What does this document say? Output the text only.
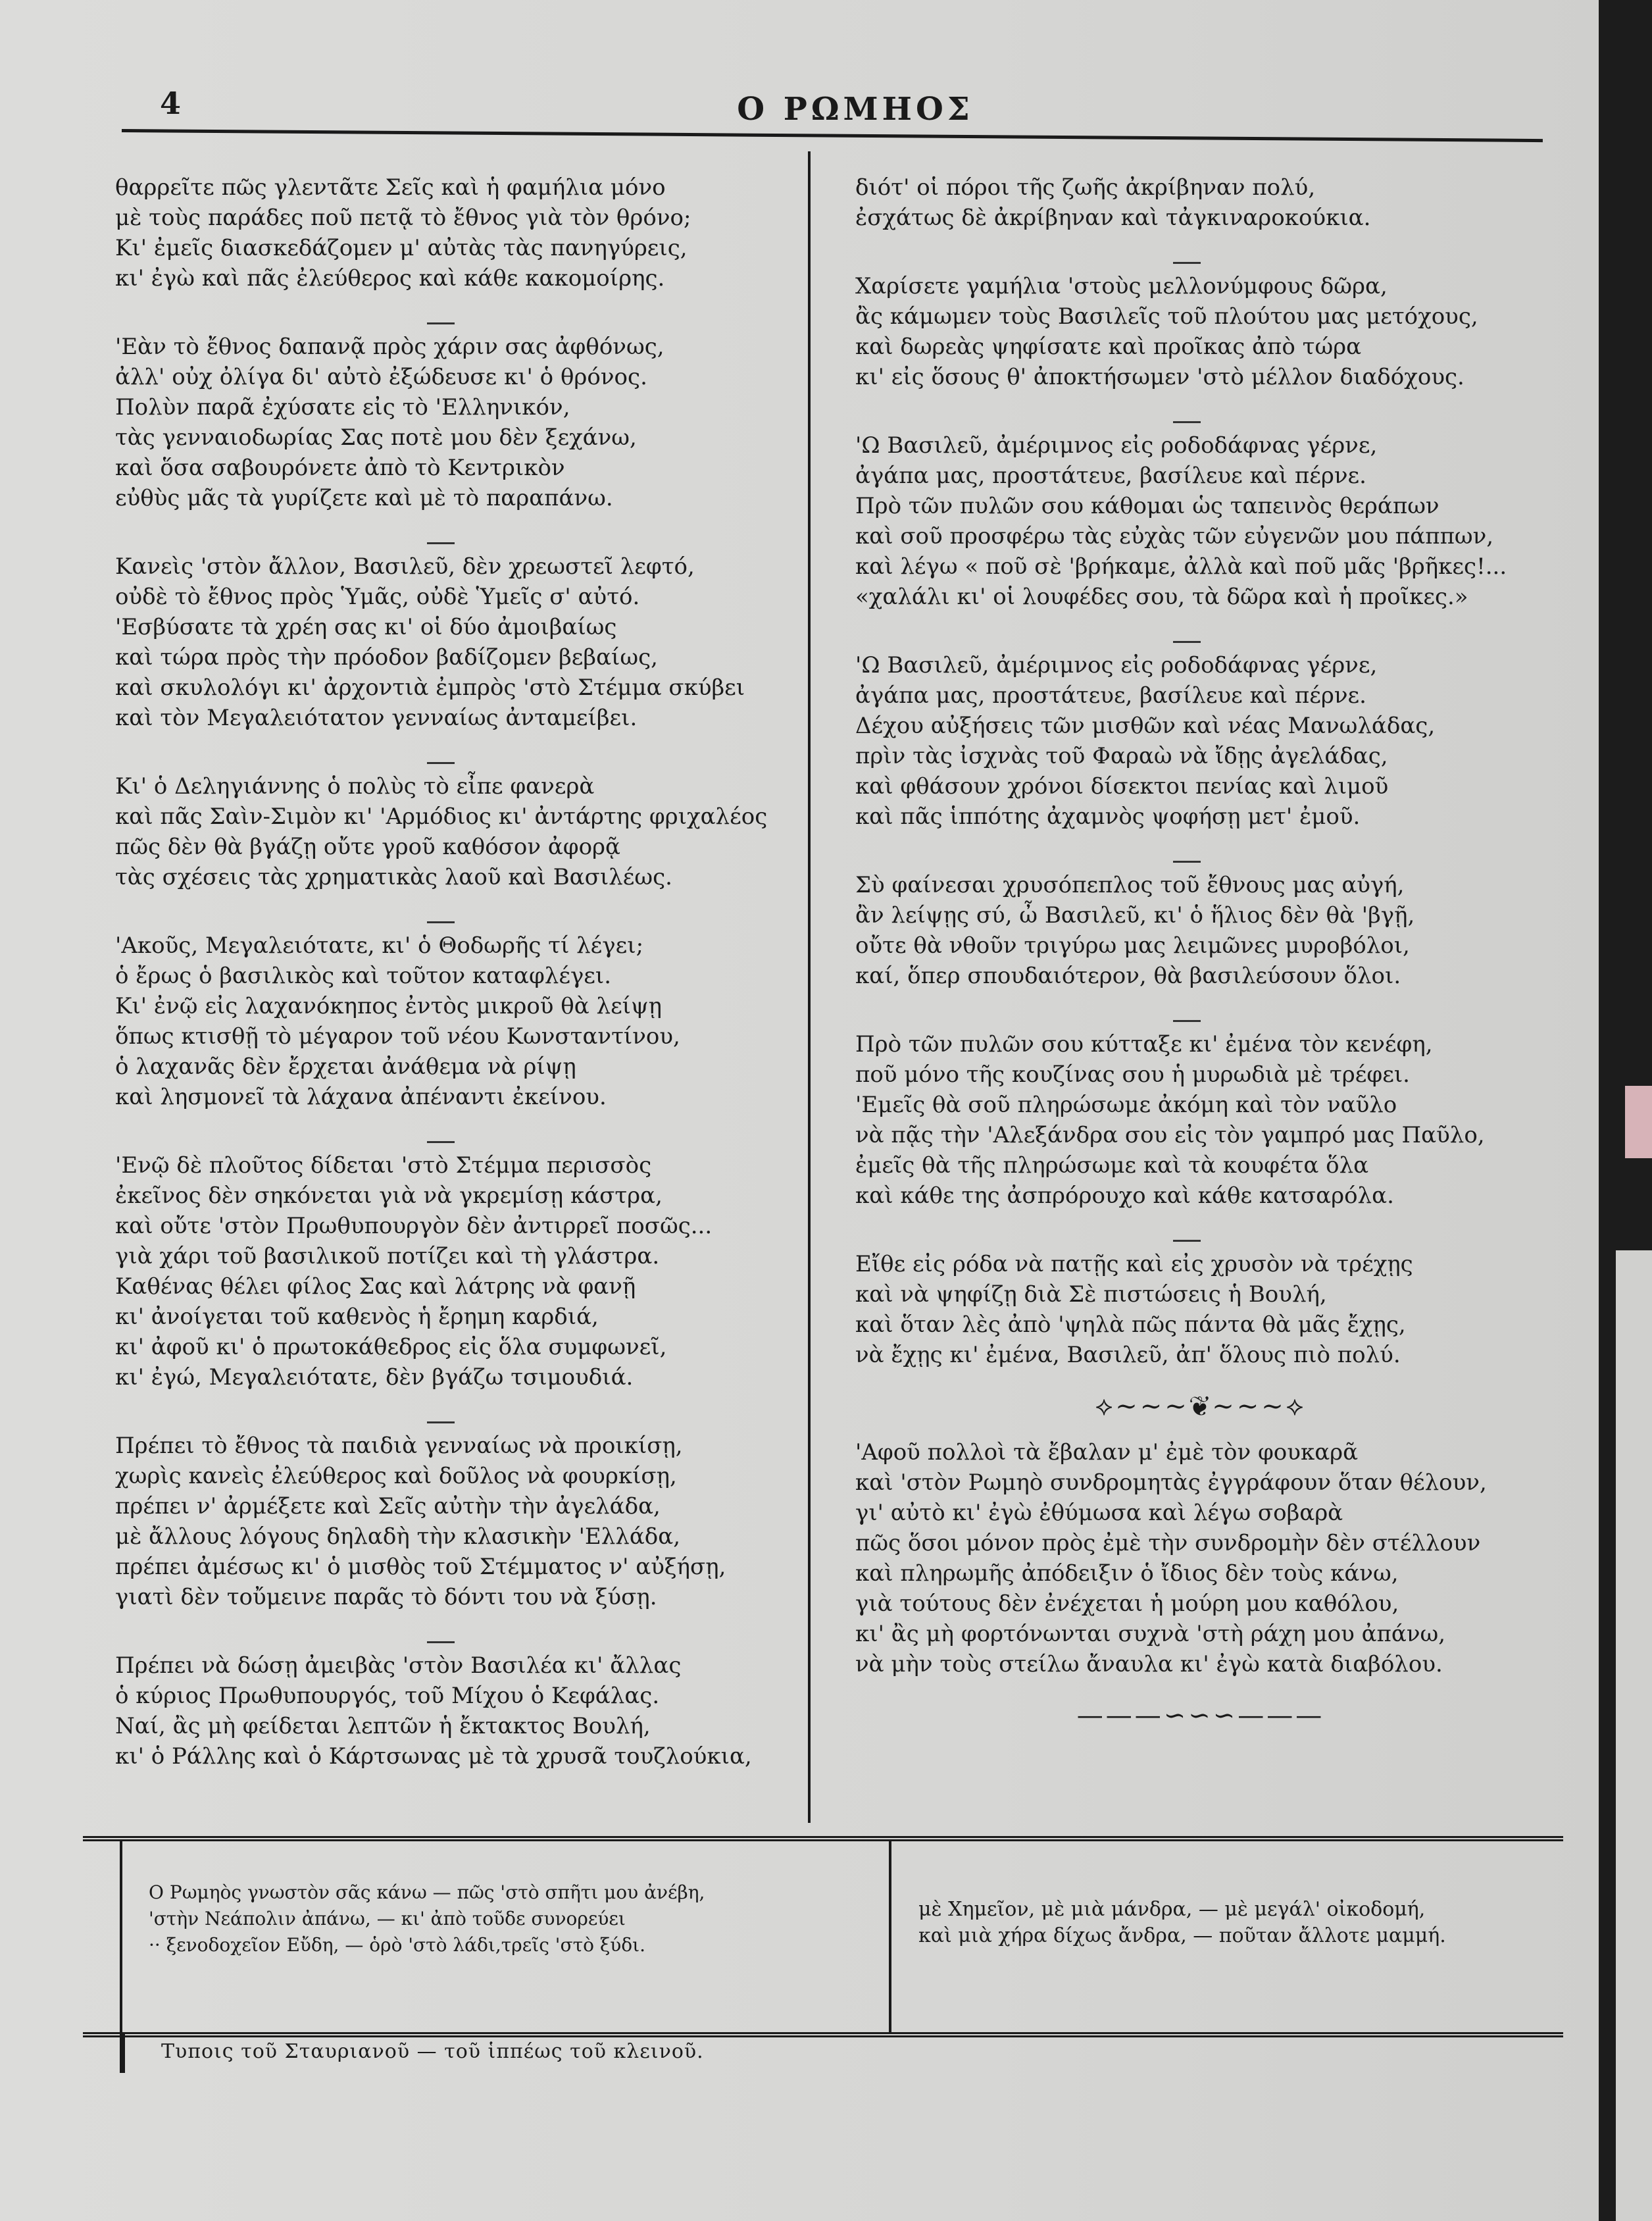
4	Ο ΡΩΜΗΟΣ
θαρρεῖτε πῶς γλεντᾶτε Σεῖς καὶ ἡ φαμήλια μόνο
μὲ τοὺς παράδες ποῦ πετᾷ τὸ ἔθνος γιὰ τὸν θρόνο;
Κι' ἐμεῖς διασκεδάζομεν μ' αὐτὰς τὰς πανηγύρεις,
κι' ἐγὼ καὶ πᾶς ἐλεύθερος καὶ κάθε κακομοίρης.
'Εὰν τὸ ἔθνος δαπανᾷ πρὸς χάριν σας ἀφθόνως,
ἀλλ' οὐχ ὀλίγα δι' αὐτὸ ἐξώδευσε κι' ὁ θρόνος.
Πολὺν παρᾶ ἐχύσατε εἰς τὸ 'Ελληνικόν,
τὰς γενναιοδωρίας Σας ποτὲ μου δὲν ξεχάνω,
καὶ ὅσα σαβουρόνετε ἀπὸ τὸ Κεντρικὸν
εὐθὺς μᾶς τὰ γυρίζετε καὶ μὲ τὸ παραπάνω.
Κανεὶς 'στὸν ἄλλον, Βασιλεῦ, δὲν χρεωστεῖ λεφτό,
οὐδὲ τὸ ἔθνος πρὸς Ὑμᾶς, οὐδὲ Ὑμεῖς σ' αὐτό.
'Εσβύσατε τὰ χρέη σας κι' οἱ δύο ἀμοιβαίως
καὶ τώρα πρὸς τὴν πρόοδον βαδίζομεν βεβαίως,
καὶ σκυλολόγι κι' ἀρχοντιὰ ἐμπρὸς 'στὸ Στέμμα σκύβει
καὶ τὸν Μεγαλειότατον γενναίως ἀνταμείβει.
Κι' ὁ Δεληγιάννης ὁ πολὺς τὸ εἶπε φανερὰ
καὶ πᾶς Σαὶν-Σιμὸν κι' 'Αρμόδιος κι' ἀντάρτης φριχαλέος
πῶς δὲν θὰ βγάζῃ οὔτε γροῦ καθόσον ἀφορᾷ
τὰς σχέσεις τὰς χρηματικὰς λαοῦ καὶ Βασιλέως.
'Ακοῦς, Μεγαλειότατε, κι' ὁ Θοδωρῆς τί λέγει;
ὁ ἔρως ὁ βασιλικὸς καὶ τοῦτον καταφλέγει.
Κι' ἐνῷ εἰς λαχανόκηπος ἐντὸς μικροῦ θὰ λείψῃ
ὅπως κτισθῇ τὸ μέγαρον τοῦ νέου Κωνσταντίνου,
ὁ λαχανᾶς δὲν ἔρχεται ἀνάθεμα νὰ ρίψῃ
καὶ λησμονεῖ τὰ λάχανα ἀπέναντι ἐκείνου.
'Ενῷ δὲ πλοῦτος δίδεται 'στὸ Στέμμα περισσὸς
ἐκεῖνος δὲν σηκόνεται γιὰ νὰ γκρεμίσῃ κάστρα,
καὶ οὔτε 'στὸν Πρωθυπουργὸν δὲν ἀντιρρεῖ ποσῶς...
γιὰ χάρι τοῦ βασιλικοῦ ποτίζει καὶ τὴ γλάστρα.
Καθένας θέλει φίλος Σας καὶ λάτρης νὰ φανῇ
κι' ἀνοίγεται τοῦ καθενὸς ἡ ἔρημη καρδιά,
κι' ἀφοῦ κι' ὁ πρωτοκάθεδρος εἰς ὅλα συμφωνεῖ,
κι' ἐγώ, Μεγαλειότατε, δὲν βγάζω τσιμουδιά.
Πρέπει τὸ ἔθνος τὰ παιδιὰ γενναίως νὰ προικίσῃ,
χωρὶς κανεὶς ἐλεύθερος καὶ δοῦλος νὰ φουρκίσῃ,
πρέπει ν' ἀρμέξετε καὶ Σεῖς αὐτὴν τὴν ἀγελάδα,
μὲ ἄλλους λόγους δηλαδὴ τὴν κλασικὴν 'Ελλάδα,
πρέπει ἀμέσως κι' ὁ μισθὸς τοῦ Στέμματος ν' αὐξήσῃ,
γιατὶ δὲν τοὔμεινε παρᾶς τὸ δόντι του νὰ ξύσῃ.
Πρέπει νὰ δώσῃ ἀμειβὰς 'στὸν Βασιλέα κι' ἄλλας
ὁ κύριος Πρωθυπουργός, τοῦ Μίχου ὁ Κεφάλας.
Ναί, ἂς μὴ φείδεται λεπτῶν ἡ ἔκτακτος Βουλή,
κι' ὁ Ράλλης καὶ ὁ Κάρτσωνας μὲ τὰ χρυσᾶ τουζλούκια,
διότ' οἱ πόροι τῆς ζωῆς ἀκρίβηναν πολύ,
ἐσχάτως δὲ ἀκρίβηναν καὶ τἀγκιναροκούκια.
Χαρίσετε γαμήλια 'στοὺς μελλονύμφους δῶρα,
ἂς κάμωμεν τοὺς Βασιλεῖς τοῦ πλούτου μας μετόχους,
καὶ δωρεὰς ψηφίσατε καὶ προῖκας ἀπὸ τώρα
κι' εἰς ὅσους θ' ἀποκτήσωμεν 'στὸ μέλλον διαδόχους.
'Ω Βασιλεῦ, ἀμέριμνος εἰς ροδοδάφνας γέρνε,
ἀγάπα μας, προστάτευε, βασίλευε καὶ πέρνε.
Πρὸ τῶν πυλῶν σου κάθομαι ὡς ταπεινὸς θεράπων
καὶ σοῦ προσφέρω τὰς εὐχὰς τῶν εὐγενῶν μου πάππων,
καὶ λέγω « ποῦ σὲ 'βρήκαμε, ἀλλὰ καὶ ποῦ μᾶς 'βρῆκες!...
«χαλάλι κι' οἱ λουφέδες σου, τὰ δῶρα καὶ ἡ προῖκες.»
'Ω Βασιλεῦ, ἀμέριμνος εἰς ροδοδάφνας γέρνε,
ἀγάπα μας, προστάτευε, βασίλευε καὶ πέρνε.
Δέχου αὐξήσεις τῶν μισθῶν καὶ νέας Μανωλάδας,
πρὶν τὰς ἰσχνὰς τοῦ Φαραὼ νὰ ἴδῃς ἀγελάδας,
καὶ φθάσουν χρόνοι δίσεκτοι πενίας καὶ λιμοῦ
καὶ πᾶς ἱππότης ἀχαμνὸς ψοφήσῃ μετ' ἐμοῦ.
Σὺ φαίνεσαι χρυσόπεπλος τοῦ ἔθνους μας αὐγή,
ἂν λείψῃς σύ, ὦ Βασιλεῦ, κι' ὁ ἥλιος δὲν θὰ 'βγῇ,
οὔτε θὰ νθοῦν τριγύρω μας λειμῶνες μυροβόλοι,
καί, ὅπερ σπουδαιότερον, θὰ βασιλεύσουν ὅλοι.
Πρὸ τῶν πυλῶν σου κύτταξε κι' ἐμένα τὸν κενέφη,
ποῦ μόνο τῆς κουζίνας σου ἡ μυρωδιὰ μὲ τρέφει.
'Εμεῖς θὰ σοῦ πληρώσωμε ἀκόμη καὶ τὸν ναῦλο
νὰ πᾷς τὴν 'Αλεξάνδρα σου εἰς τὸν γαμπρό μας Παῦλο,
ἐμεῖς θὰ τῆς πληρώσωμε καὶ τὰ κουφέτα ὅλα
καὶ κάθε της ἀσπρόρουχο καὶ κάθε κατσαρόλα.
Εἴθε εἰς ρόδα νὰ πατῇς καὶ εἰς χρυσὸν νὰ τρέχῃς
καὶ νὰ ψηφίζῃ διὰ Σὲ πιστώσεις ἡ Βουλή,
καὶ ὅταν λὲς ἀπὸ 'ψηλὰ πῶς πάντα θὰ μᾶς ἔχῃς,
νὰ ἔχῃς κι' ἐμένα, Βασιλεῦ, ἀπ' ὅλους πιὸ πολύ.
⟡~~~❦~~~⟡
'Αφοῦ πολλοὶ τὰ ἔβαλαν μ' ἐμὲ τὸν φουκαρᾶ
καὶ 'στὸν Ρωμηὸ συνδρομητὰς ἐγγράφουν ὅταν θέλουν,
γι' αὐτὸ κι' ἐγὼ ἐθύμωσα καὶ λέγω σοβαρὰ
πῶς ὅσοι μόνον πρὸς ἐμὲ τὴν συνδρομὴν δὲν στέλλουν
καὶ πληρωμῆς ἀπόδειξιν ὁ ἴδιος δὲν τοὺς κάνω,
γιὰ τούτους δὲν ἐνέχεται ἡ μούρη μου καθόλου,
κι' ἂς μὴ φορτόνωνται συχνὰ 'στὴ ράχη μου ἀπάνω,
νὰ μὴν τοὺς στείλω ἄναυλα κι' ἐγὼ κατὰ διαβόλου.
———∽∽∽———
Ο Ρωμηὸς γνωστὸν σᾶς κάνω — πῶς 'στὸ σπῆτι μου ἀνέβη,
'στὴν Νεάπολιν ἀπάνω, — κι' ἀπὸ τοῦδε συνορεύει
·· ξενοδοχεῖον Εὔδη, — ὁρὸ 'στὸ λάδι,τρεῖς 'στὸ ξύδι.
μὲ Χημεῖον, μὲ μιὰ μάνδρα, — μὲ μεγάλ' οἰκοδομή,
καὶ μιὰ χήρα δίχως ἄνδρα, — ποῦταν ἄλλοτε μαμμή.
Τυποις τοῦ Σταυριανοῦ — τοῦ ἱππέως τοῦ κλεινοῦ.
